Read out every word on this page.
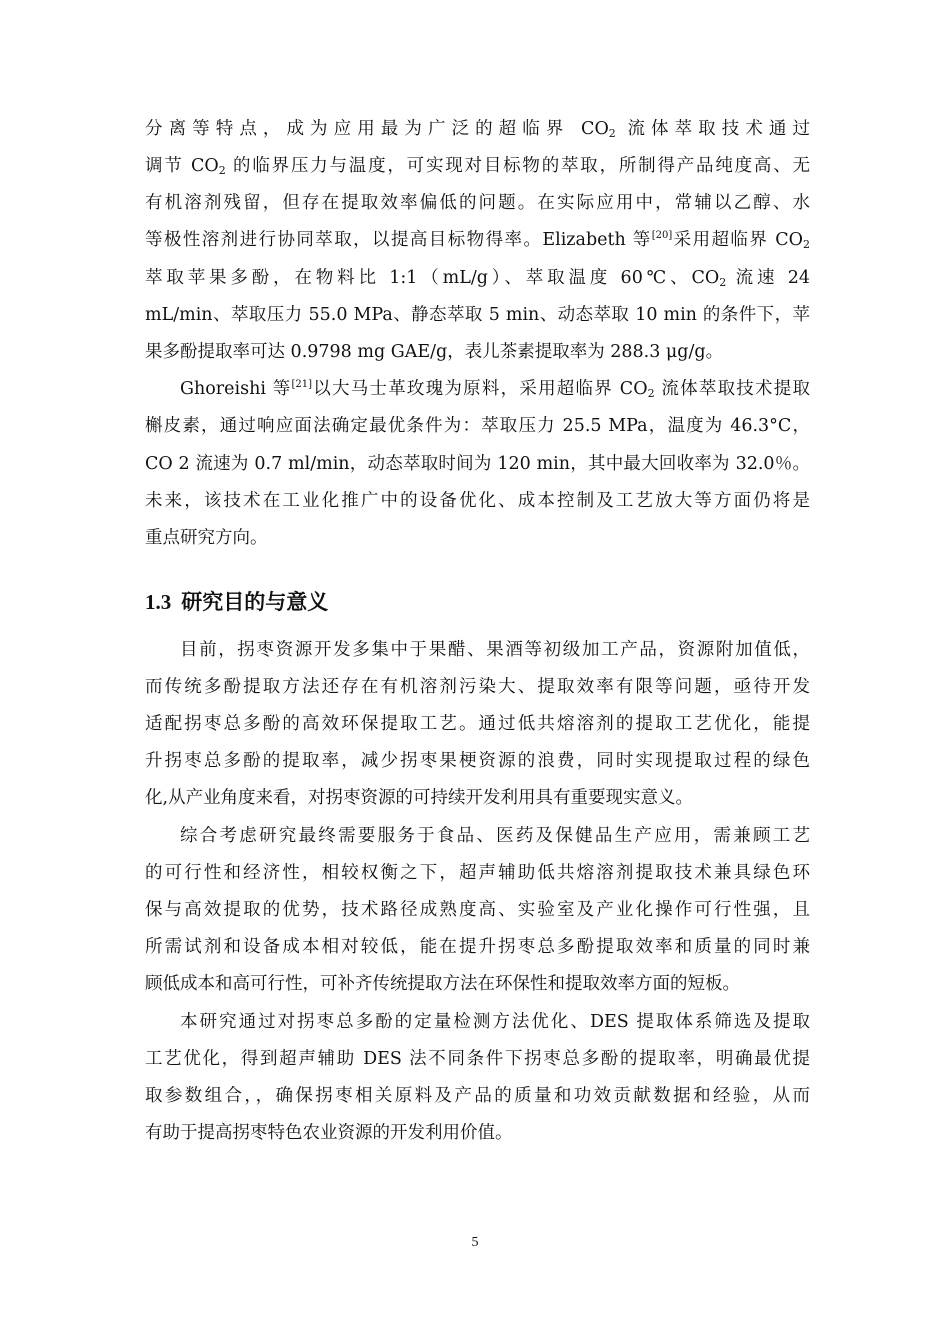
分离等特点，成为应用最为广泛的超临界 $CO_2$ 流体萃取技术通过
调节 $CO_2$ 的临界压力与温度，可实现对目标物的萃取，所制得产品纯度高、无
有机溶剂残留，但存在提取效率偏低的问题。在实际应用中，常辅以乙醇、水
等极性溶剂进行协同萃取，以提高目标物得率。Elizabeth 等[20]采用超临界 $CO_2$
萃取苹果多酚，在物料比 1:1（mL/g）、萃取温度 60℃、$CO_2$ 流速 24
mL/min、萃取压力 55.0 MPa、静态萃取 5 min、动态萃取 10 min 的条件下，苹
果多酚提取率可达 0.9798 mg GAE/g，表儿茶素提取率为 288.3 μg/g。
Ghoreishi 等[21]以大马士革玫瑰为原料，采用超临界 $CO_2$ 流体萃取技术提取
槲皮素，通过响应面法确定最优条件为：萃取压力 25.5 MPa，温度为 46.3°C，
CO 2 流速为 0.7 ml/min，动态萃取时间为 120 min，其中最大回收率为 32.0％。
未来，该技术在工业化推广中的设备优化、成本控制及工艺放大等方面仍将是
重点研究方向。
1.3 研究目的与意义
目前，拐枣资源开发多集中于果醋、果酒等初级加工产品，资源附加值低，
而传统多酚提取方法还存在有机溶剂污染大、提取效率有限等问题，亟待开发
适配拐枣总多酚的高效环保提取工艺。通过低共熔溶剂的提取工艺优化，能提
升拐枣总多酚的提取率，减少拐枣果梗资源的浪费，同时实现提取过程的绿色
化,从产业角度来看，对拐枣资源的可持续开发利用具有重要现实意义。
综合考虑研究最终需要服务于食品、医药及保健品生产应用，需兼顾工艺
的可行性和经济性，相较权衡之下，超声辅助低共熔溶剂提取技术兼具绿色环
保与高效提取的优势，技术路径成熟度高、实验室及产业化操作可行性强，且
所需试剂和设备成本相对较低，能在提升拐枣总多酚提取效率和质量的同时兼
顾低成本和高可行性，可补齐传统提取方法在环保性和提取效率方面的短板。
本研究通过对拐枣总多酚的定量检测方法优化、DES 提取体系筛选及提取
工艺优化，得到超声辅助 DES 法不同条件下拐枣总多酚的提取率，明确最优提
取参数组合，，确保拐枣相关原料及产品的质量和功效贡献数据和经验，从而
有助于提高拐枣特色农业资源的开发利用价值。
5
